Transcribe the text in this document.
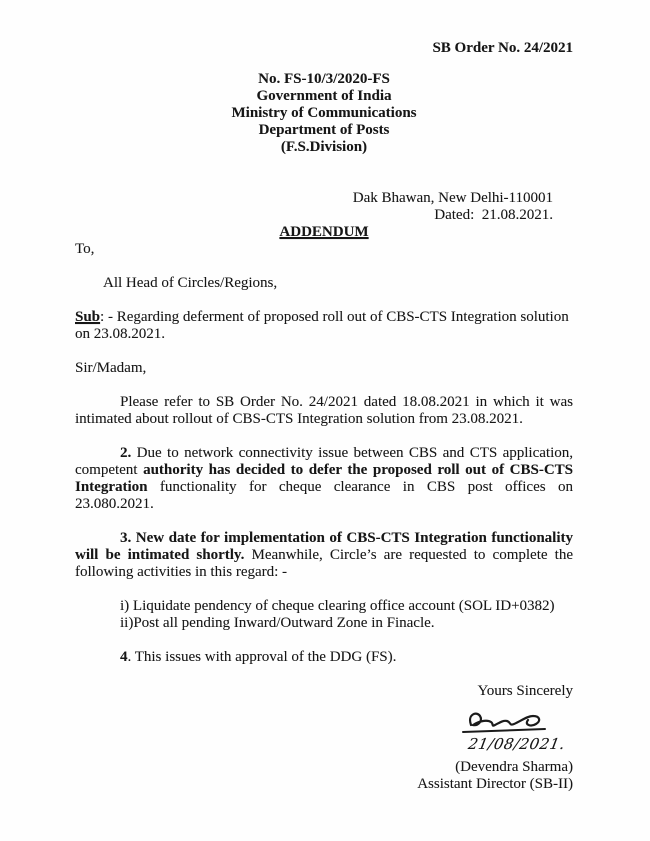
SB Order No. 24/2021
No. FS-10/3/2020-FS
Government of India
Ministry of Communications
Department of Posts
(F.S.Division)
Dak Bhawan, New Delhi-110001
Dated:  21.08.2021.
ADDENDUM
To,
All Head of Circles/Regions,

Sub: - Regarding deferment of proposed roll out of CBS-CTS Integration solution on 23.08.2021.

Sir/Madam,

Please refer to SB Order No. 24/2021 dated 18.08.2021 in which it was intimated about rollout of CBS-CTS Integration solution from 23.08.2021.

2. Due to network connectivity issue between CBS and CTS application, competent authority has decided to defer the proposed roll out of CBS-CTS Integration functionality for cheque clearance in CBS post offices on 23.080.2021.

3. New date for implementation of CBS-CTS Integration functionality will be intimated shortly. Meanwhile, Circle’s are requested to complete the following activities in this regard: -

i) Liquidate pendency of cheque clearing office account (SOL ID+0382)
ii)Post all pending Inward/Outward Zone in Finacle.

4. This issues with approval of the DDG (FS).

Yours Sincerely
21/08/2021.
(Devendra Sharma)
Assistant Director (SB-II)
